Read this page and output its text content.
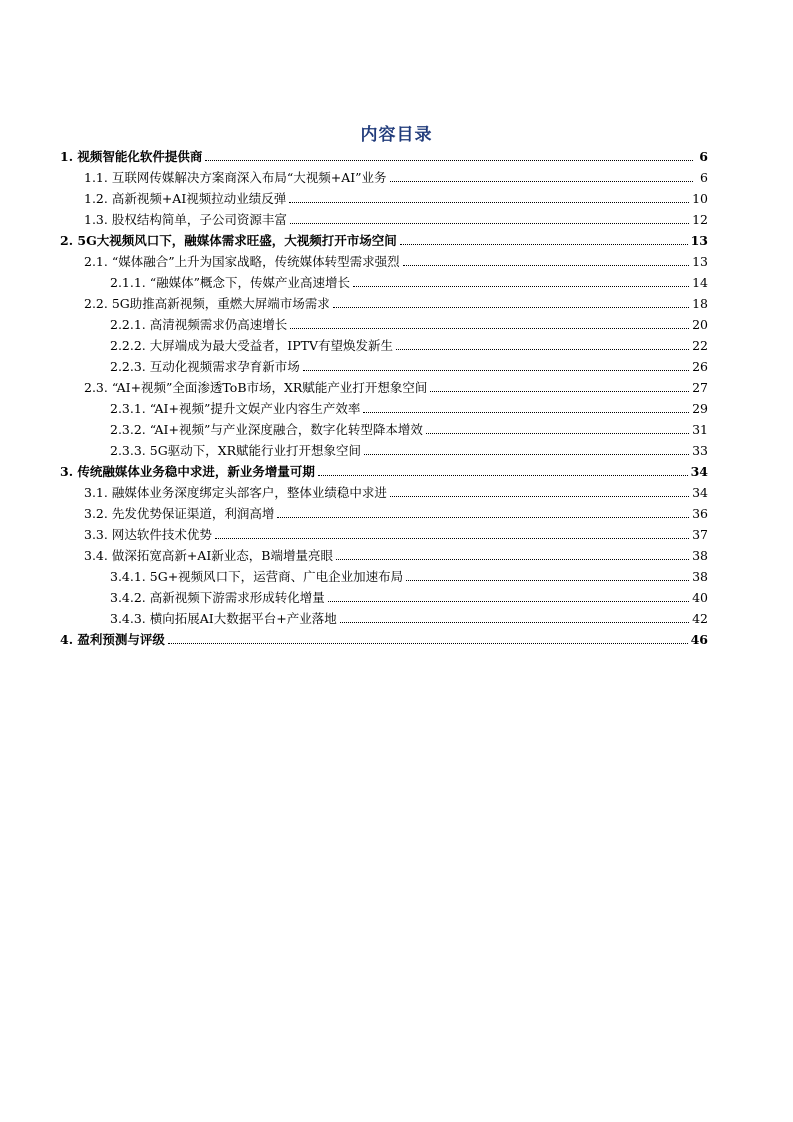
内容目录
1. 视频智能化软件提供商	6
1.1. 互联网传媒解决方案商深入布局“大视频+AI”业务	6
1.2. 高新视频+AI视频拉动业绩反弹	10
1.3. 股权结构简单，子公司资源丰富	12
2. 5G大视频风口下，融媒体需求旺盛，大视频打开市场空间	13
2.1. “媒体融合”上升为国家战略，传统媒体转型需求强烈	13
2.1.1. “融媒体”概念下，传媒产业高速增长	14
2.2. 5G助推高新视频，重燃大屏端市场需求	18
2.2.1. 高清视频需求仍高速增长	20
2.2.2. 大屏端成为最大受益者，IPTV有望焕发新生	22
2.2.3. 互动化视频需求孕育新市场	26
2.3. “AI+视频”全面渗透ToB市场，XR赋能产业打开想象空间	27
2.3.1. “AI+视频”提升文娱产业内容生产效率	29
2.3.2. “AI+视频”与产业深度融合，数字化转型降本增效	31
2.3.3. 5G驱动下，XR赋能行业打开想象空间	33
3. 传统融媒体业务稳中求进，新业务增量可期	34
3.1. 融媒体业务深度绑定头部客户，整体业绩稳中求进	34
3.2. 先发优势保证渠道，利润高增	36
3.3. 网达软件技术优势	37
3.4. 做深拓宽高新+AI新业态，B端增量亮眼	38
3.4.1. 5G+视频风口下，运营商、广电企业加速布局	38
3.4.2. 高新视频下游需求形成转化增量	40
3.4.3. 横向拓展AI大数据平台+产业落地	42
4. 盈利预测与评级	46
